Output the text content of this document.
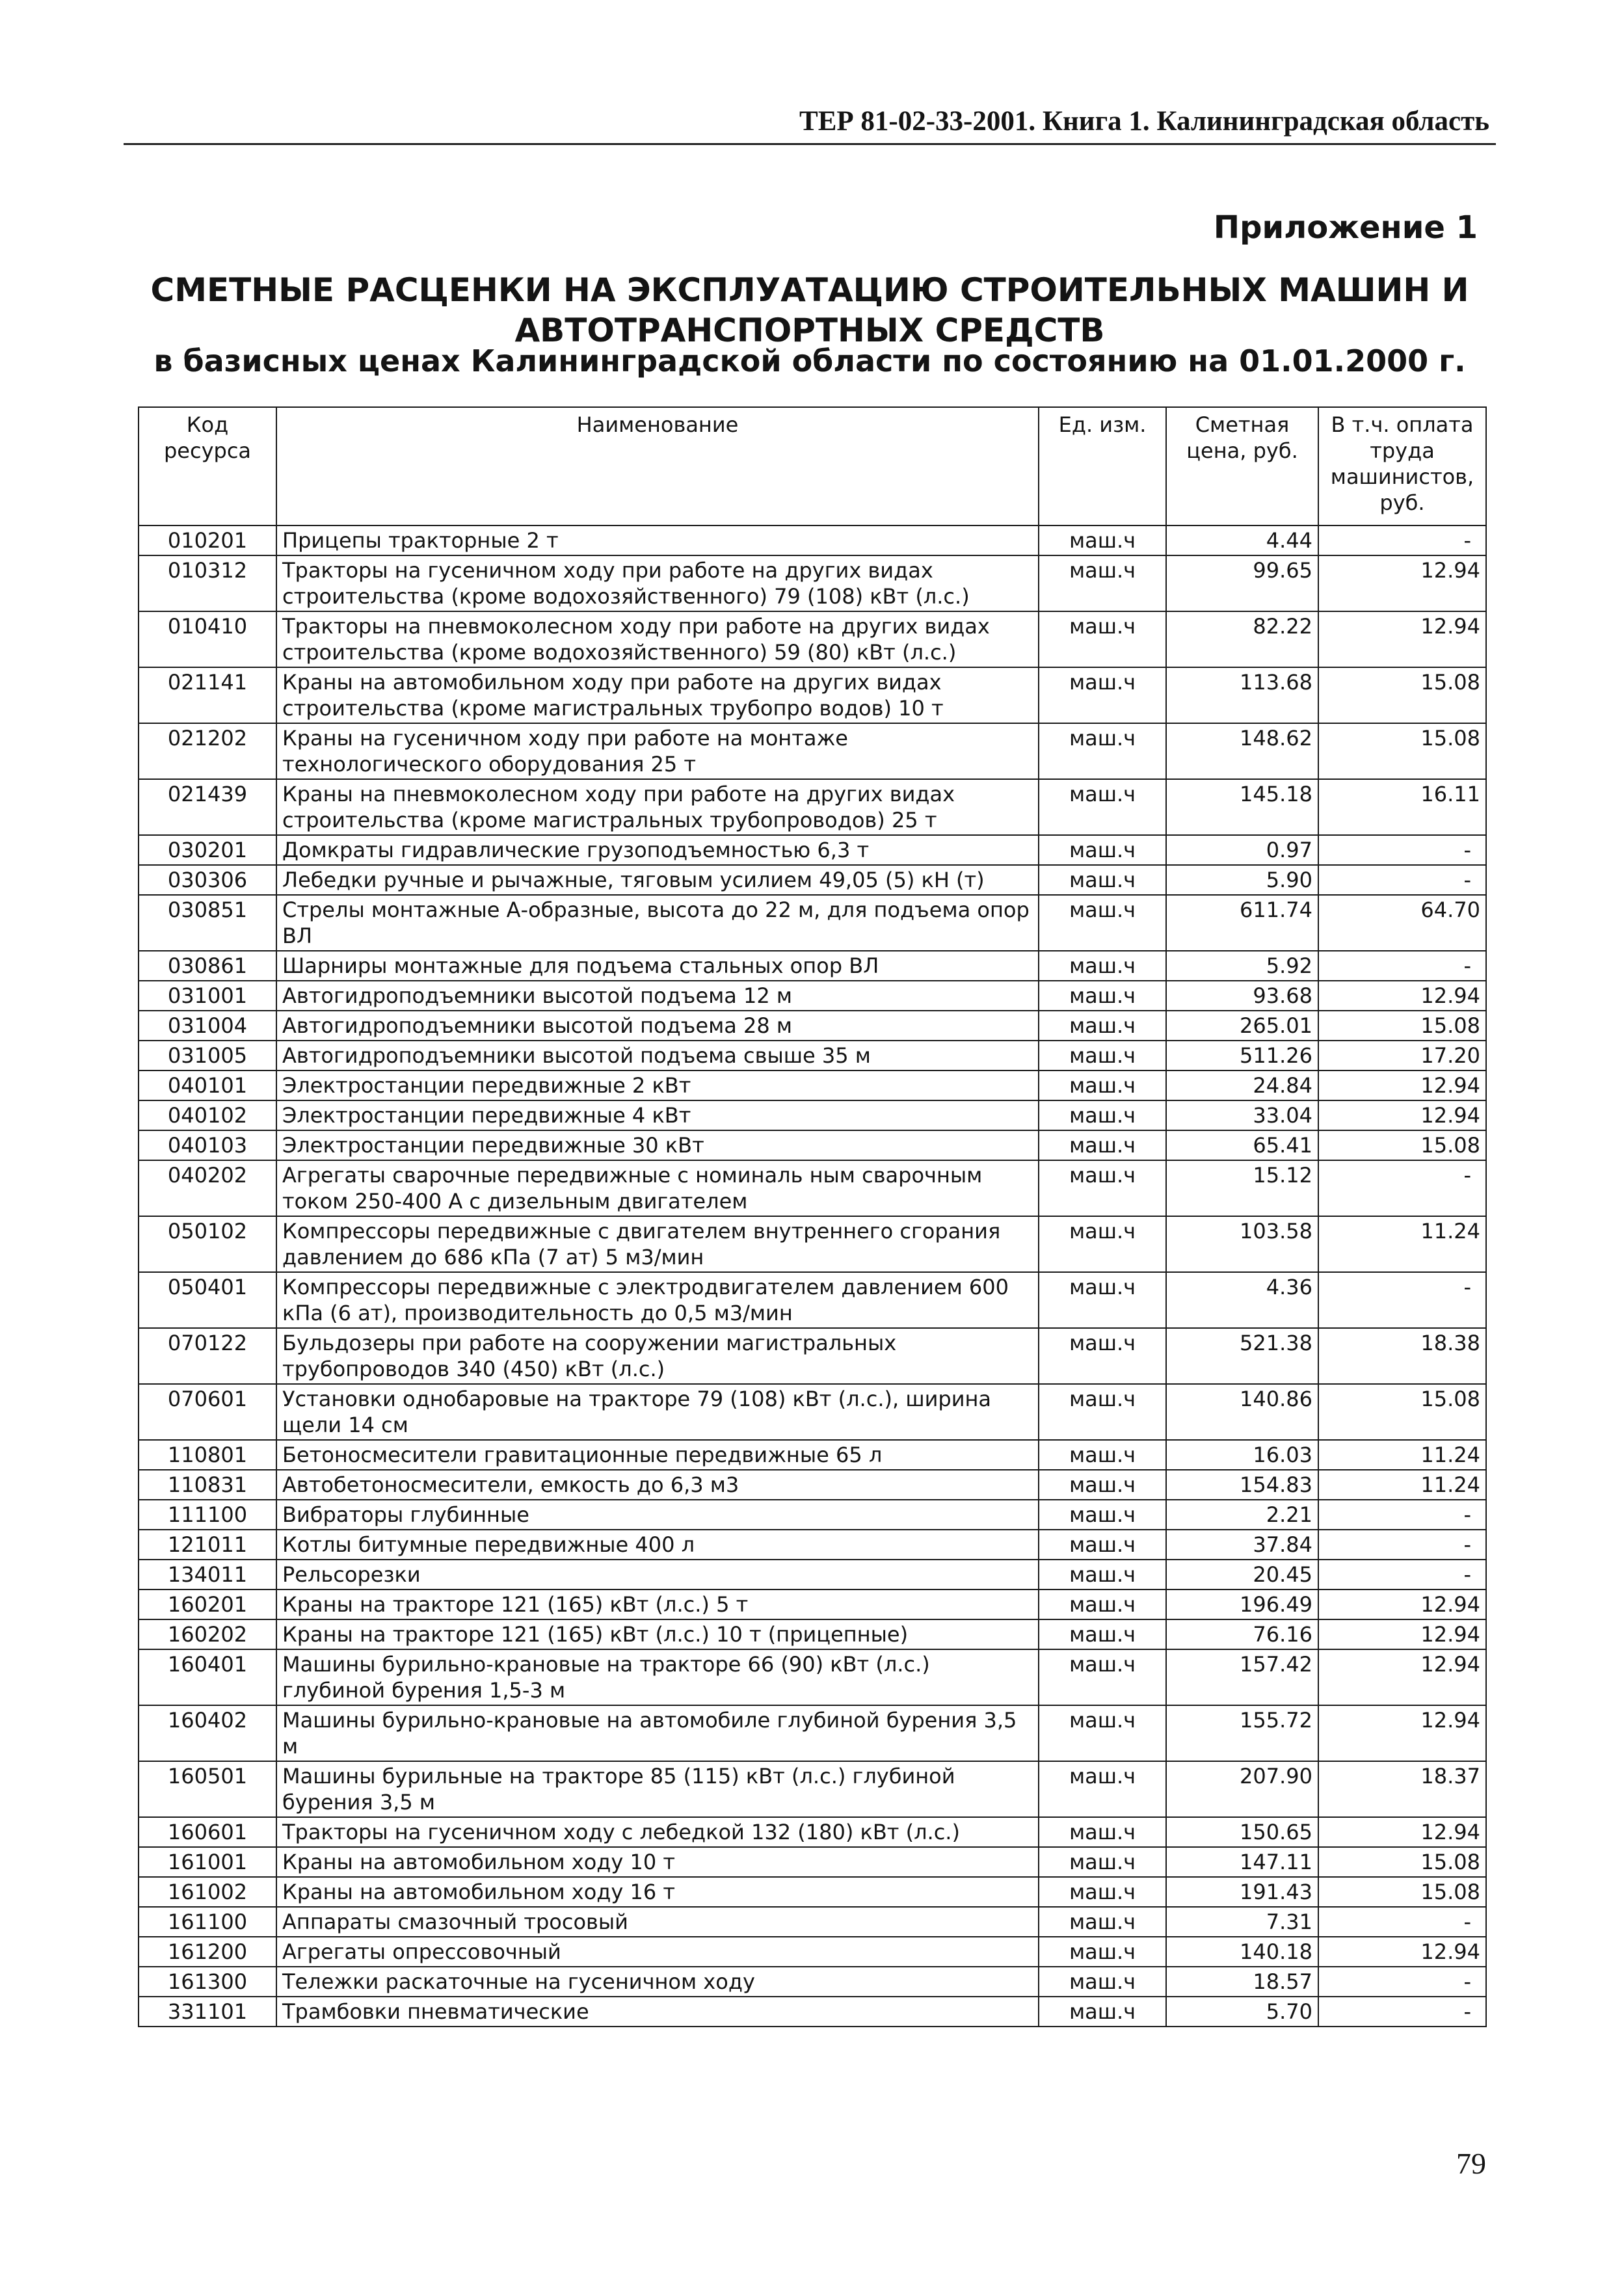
ТЕР 81-02-33-2001. Книга 1. Калининградская область
Приложение 1
СМЕТНЫЕ РАСЦЕНКИ НА ЭКСПЛУАТАЦИЮ СТРОИТЕЛЬНЫХ МАШИН И
АВТОТРАНСПОРТНЫХ СРЕДСТВ
в базисных ценах Калининградской области по состоянию на 01.01.2000 г.
Код ресурса	Наименование	Ед. изм.	Сметная цена, руб.	В т.ч. оплата труда машинистов, руб.
010201	Прицепы тракторные 2 т	маш.ч	4.44	-
010312	Тракторы на гусеничном ходу при работе на других видах строительства (кроме водохозяйственного) 79 (108) кВт (л.с.)	маш.ч	99.65	12.94
010410	Тракторы на пневмоколесном ходу при работе на других видах строительства (кроме водохозяйственного) 59 (80) кВт (л.с.)	маш.ч	82.22	12.94
021141	Краны на автомобильном ходу при работе на других видах строительства (кроме магистральных трубопро водов) 10 т	маш.ч	113.68	15.08
021202	Краны на гусеничном ходу при работе на монтаже технологического оборудования 25 т	маш.ч	148.62	15.08
021439	Краны на пневмоколесном ходу при работе на других видах строительства (кроме магистральных трубопроводов) 25 т	маш.ч	145.18	16.11
030201	Домкраты гидравлические грузоподъемностью 6,3 т	маш.ч	0.97	-
030306	Лебедки ручные и рычажные, тяговым усилием 49,05 (5) кН (т)	маш.ч	5.90	-
030851	Стрелы монтажные А-образные, высота до 22 м, для подъема опор ВЛ	маш.ч	611.74	64.70
030861	Шарниры монтажные для подъема стальных опор ВЛ	маш.ч	5.92	-
031001	Автогидроподъемники высотой подъема 12 м	маш.ч	93.68	12.94
031004	Автогидроподъемники высотой подъема 28 м	маш.ч	265.01	15.08
031005	Автогидроподъемники высотой подъема свыше 35 м	маш.ч	511.26	17.20
040101	Электростанции передвижные 2 кВт	маш.ч	24.84	12.94
040102	Электростанции передвижные 4 кВт	маш.ч	33.04	12.94
040103	Электростанции передвижные 30 кВт	маш.ч	65.41	15.08
040202	Агрегаты сварочные передвижные с номиналь ным сварочным током 250-400 А с дизельным двигателем	маш.ч	15.12	-
050102	Компрессоры передвижные с двигателем внутреннего сгорания давлением до 686 кПа (7 ат) 5 м3/мин	маш.ч	103.58	11.24
050401	Компрессоры передвижные с электродвигателем давлением 600 кПа (6 ат), производительность до 0,5 м3/мин	маш.ч	4.36	-
070122	Бульдозеры при работе на сооружении магистральных трубопроводов 340 (450) кВт (л.с.)	маш.ч	521.38	18.38
070601	Установки однобаровые на тракторе 79 (108) кВт (л.с.), ширина щели 14 см	маш.ч	140.86	15.08
110801	Бетоносмесители гравитационные передвижные 65 л	маш.ч	16.03	11.24
110831	Автобетоносмесители, емкость до 6,3 м3	маш.ч	154.83	11.24
111100	Вибраторы глубинные	маш.ч	2.21	-
121011	Котлы битумные передвижные 400 л	маш.ч	37.84	-
134011	Рельсорезки	маш.ч	20.45	-
160201	Краны на тракторе 121 (165) кВт (л.с.) 5 т	маш.ч	196.49	12.94
160202	Краны на тракторе 121 (165) кВт (л.с.) 10 т (прицепные)	маш.ч	76.16	12.94
160401	Машины бурильно-крановые на тракторе 66 (90) кВт (л.с.) глубиной бурения 1,5-3 м	маш.ч	157.42	12.94
160402	Машины бурильно-крановые на автомобиле глубиной бурения 3,5 м	маш.ч	155.72	12.94
160501	Машины бурильные на тракторе 85 (115) кВт (л.с.) глубиной бурения 3,5 м	маш.ч	207.90	18.37
160601	Тракторы на гусеничном ходу с лебедкой 132 (180) кВт (л.с.)	маш.ч	150.65	12.94
161001	Краны на автомобильном ходу 10 т	маш.ч	147.11	15.08
161002	Краны на автомобильном ходу 16 т	маш.ч	191.43	15.08
161100	Аппараты смазочный тросовый	маш.ч	7.31	-
161200	Агрегаты опрессовочный	маш.ч	140.18	12.94
161300	Тележки раскаточные на гусеничном ходу	маш.ч	18.57	-
331101	Трамбовки пневматические	маш.ч	5.70	-
79
